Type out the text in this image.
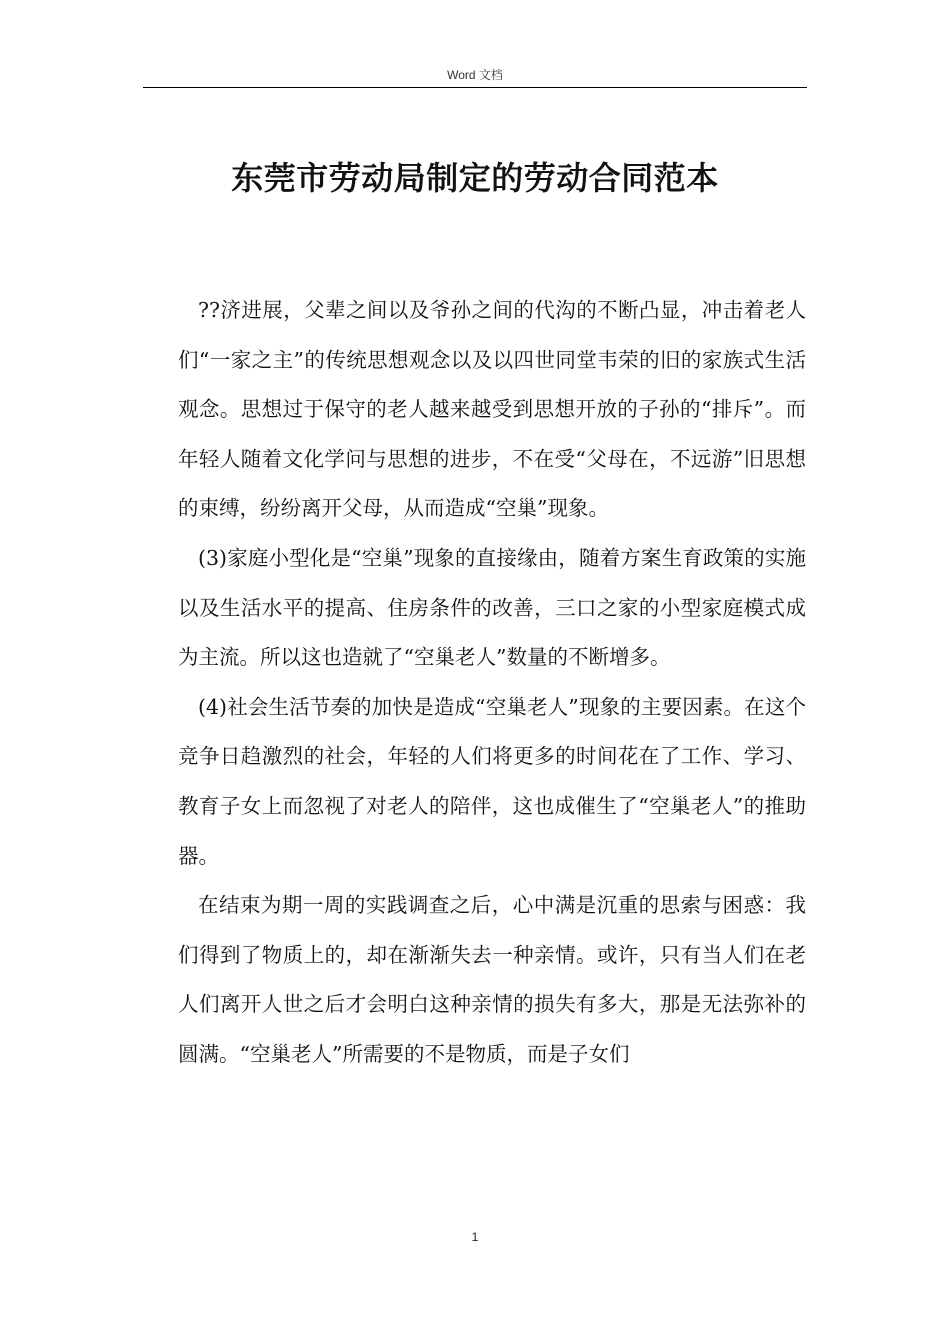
Word 文档
东莞市劳动局制定的劳动合同范本

??济进展，父辈之间以及爷孙之间的代沟的不断凸显，冲击着老人们“一家之主”的传统思想观念以及以四世同堂韦荣的旧的家族式生活观念。思想过于保守的老人越来越受到思想开放的子孙的“排斥”。而年轻人随着文化学问与思想的进步，不在受“父母在，不远游”旧思想的束缚，纷纷离开父母，从而造成“空巢”现象。

(3)家庭小型化是“空巢”现象的直接缘由，随着方案生育政策的实施以及生活水平的提高、住房条件的改善，三口之家的小型家庭模式成为主流。所以这也造就了“空巢老人”数量的不断增多。

(4)社会生活节奏的加快是造成“空巢老人”现象的主要因素。在这个竞争日趋激烈的社会，年轻的人们将更多的时间花在了工作、学习、教育子女上而忽视了对老人的陪伴，这也成催生了“空巢老人”的推助器。

在结束为期一周的实践调查之后，心中满是沉重的思索与困惑：我们得到了物质上的，却在渐渐失去一种亲情。或许，只有当人们在老人们离开人世之后才会明白这种亲情的损失有多大，那是无法弥补的圆满。“空巢老人”所需要的不是物质，而是子女们

1
